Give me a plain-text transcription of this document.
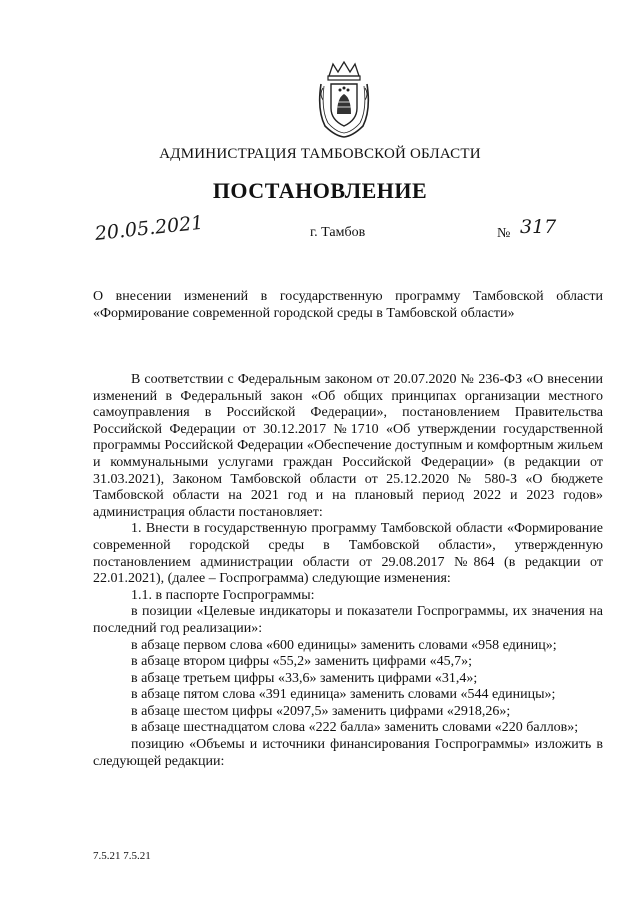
АДМИНИСТРАЦИЯ ТАМБОВСКОЙ ОБЛАСТИ
ПОСТАНОВЛЕНИЕ
20.05.2021	г. Тамбов	№ 317
О внесении изменений в государственную программу Тамбовской области «Формирование современной городской среды в Тамбовской области»

В соответствии с Федеральным законом от 20.07.2020 № 236-ФЗ «О внесении изменений в Федеральный закон «Об общих принципах организации местного самоуправления в Российской Федерации», постановлением Правительства Российской Федерации от 30.12.2017 №1710 «Об утверждении государственной программы Российской Федерации «Обеспечение доступным и комфортным жильем и коммунальными услугами граждан Российской Федерации» (в редакции от 31.03.2021), Законом Тамбовской области от 25.12.2020 № 580-З «О бюджете Тамбовской области на 2021 год и на плановый период 2022 и 2023 годов» администрация области постановляет:

1. Внести в государственную программу Тамбовской области «Формирование современной городской среды в Тамбовской области», утвержденную постановлением администрации области от 29.08.2017 №864 (в редакции от 22.01.2021), (далее – Госпрограмма) следующие изменения:

1.1. в паспорте Госпрограммы:

в позиции «Целевые индикаторы и показатели Госпрограммы, их значения на последний год реализации»:

в абзаце первом слова «600 единицы» заменить словами «958 единиц»;

в абзаце втором цифры «55,2» заменить цифрами «45,7»;

в абзаце третьем цифры «33,6» заменить цифрами «31,4»;

в абзаце пятом слова «391 единица» заменить словами «544 единицы»;

в абзаце шестом цифры «2097,5» заменить цифрами «2918,26»;

в абзаце шестнадцатом слова «222 балла» заменить словами «220 баллов»;

позицию «Объемы и источники финансирования Госпрограммы» изложить в следующей редакции:

7.5.21 7.5.21
